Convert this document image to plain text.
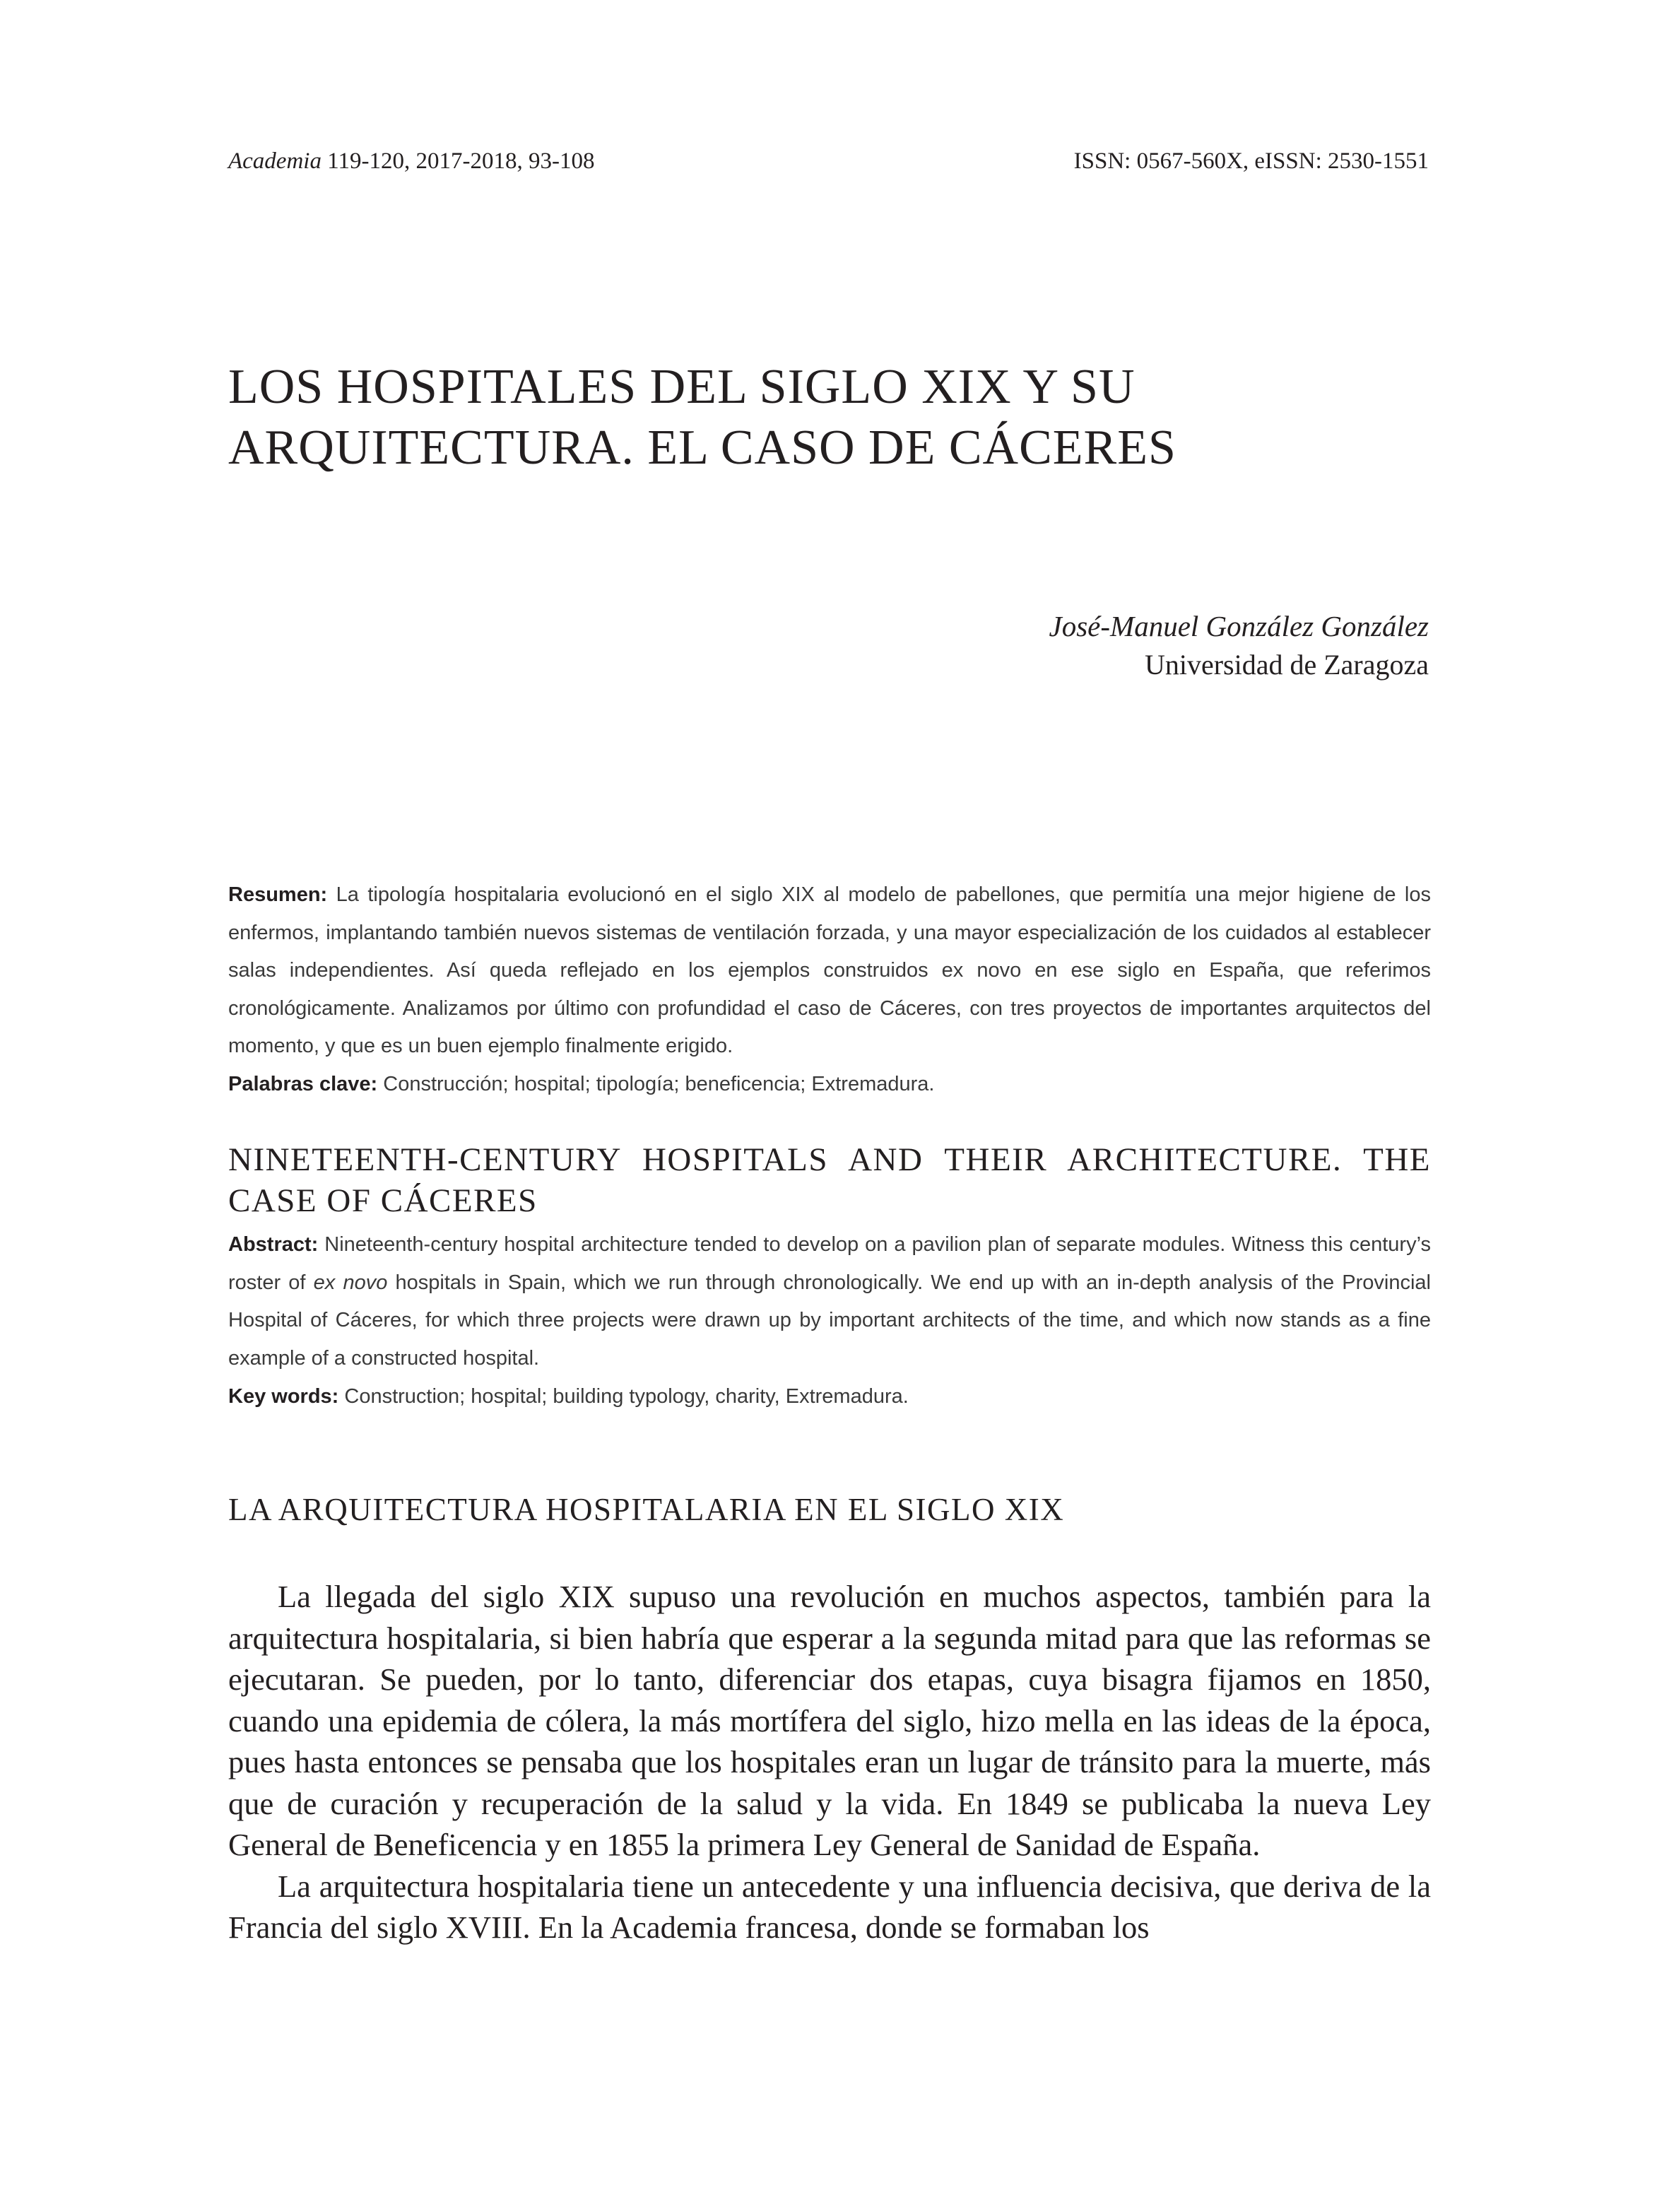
Academia 119-120, 2017-2018, 93-108	ISSN: 0567-560X, eISSN: 2530-1551
LOS HOSPITALES DEL SIGLO XIX Y SU ARQUITECTURA. EL CASO DE CÁCERES
José-Manuel González González
Universidad de Zaragoza
Resumen: La tipología hospitalaria evolucionó en el siglo XIX al modelo de pabellones, que permitía una mejor higiene de los enfermos, implantando también nuevos sistemas de ventilación forzada, y una mayor especialización de los cuidados al establecer salas independientes. Así queda reflejado en los ejemplos construidos ex novo en ese siglo en España, que referimos cronológicamente. Analizamos por último con profundidad el caso de Cáceres, con tres proyectos de importantes arquitectos del momento, y que es un buen ejemplo finalmente erigido.
Palabras clave: Construcción; hospital; tipología; beneficencia; Extremadura.
NINETEENTH-CENTURY HOSPITALS AND THEIR ARCHITECTURE. THE CASE OF CÁCERES
Abstract: Nineteenth-century hospital architecture tended to develop on a pavilion plan of separate modules. Witness this century’s roster of ex novo hospitals in Spain, which we run through chronologically. We end up with an in-depth analysis of the Provincial Hospital of Cáceres, for which three projects were drawn up by important architects of the time, and which now stands as a fine example of a constructed hospital.
Key words: Construction; hospital; building typology, charity, Extremadura.
LA ARQUITECTURA HOSPITALARIA EN EL SIGLO XIX

La llegada del siglo XIX supuso una revolución en muchos aspectos, también para la arquitectura hospitalaria, si bien habría que esperar a la segunda mitad para que las reformas se ejecutaran. Se pueden, por lo tanto, diferenciar dos etapas, cuya bisagra fijamos en 1850, cuando una epidemia de cólera, la más mortífera del siglo, hizo mella en las ideas de la época, pues hasta entonces se pensaba que los hospitales eran un lugar de tránsito para la muerte, más que de curación y recuperación de la salud y la vida. En 1849 se publicaba la nueva Ley General de Beneficencia y en 1855 la primera Ley General de Sanidad de España.

La arquitectura hospitalaria tiene un antecedente y una influencia decisiva, que deriva de la Francia del siglo XVIII. En la Academia francesa, donde se formaban los
